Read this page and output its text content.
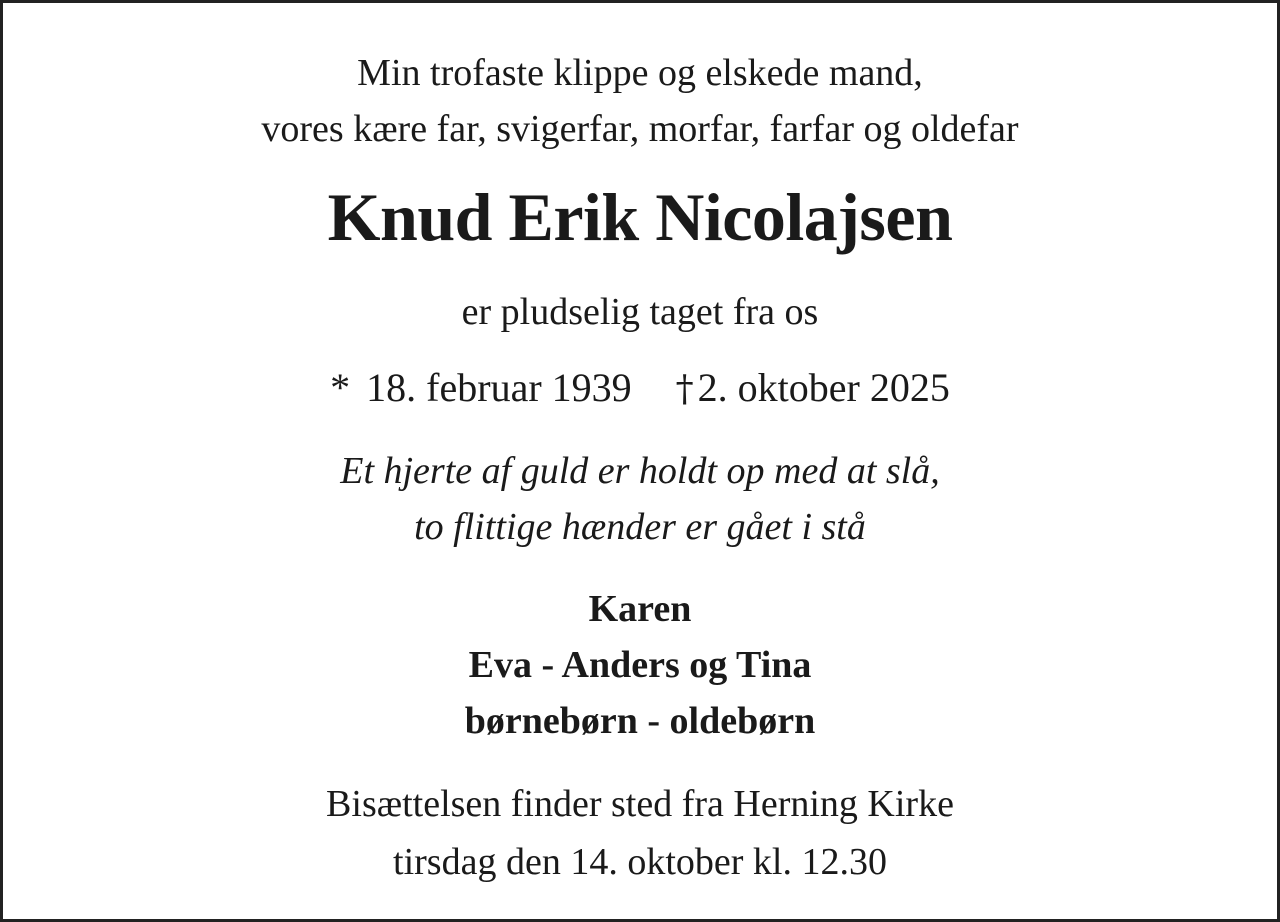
Min trofaste klippe og elskede mand,

vores kære far, svigerfar, morfar, farfar og oldefar

Knud Erik Nicolajsen

er pludselig taget fra os

* 18. februar 1939 † 2. oktober 2025

Et hjerte af guld er holdt op med at slå,

to flittige hænder er gået i stå

Karen

Eva - Anders og Tina

børnebørn - oldebørn

Bisættelsen finder sted fra Herning Kirke

tirsdag den 14. oktober kl. 12.30
